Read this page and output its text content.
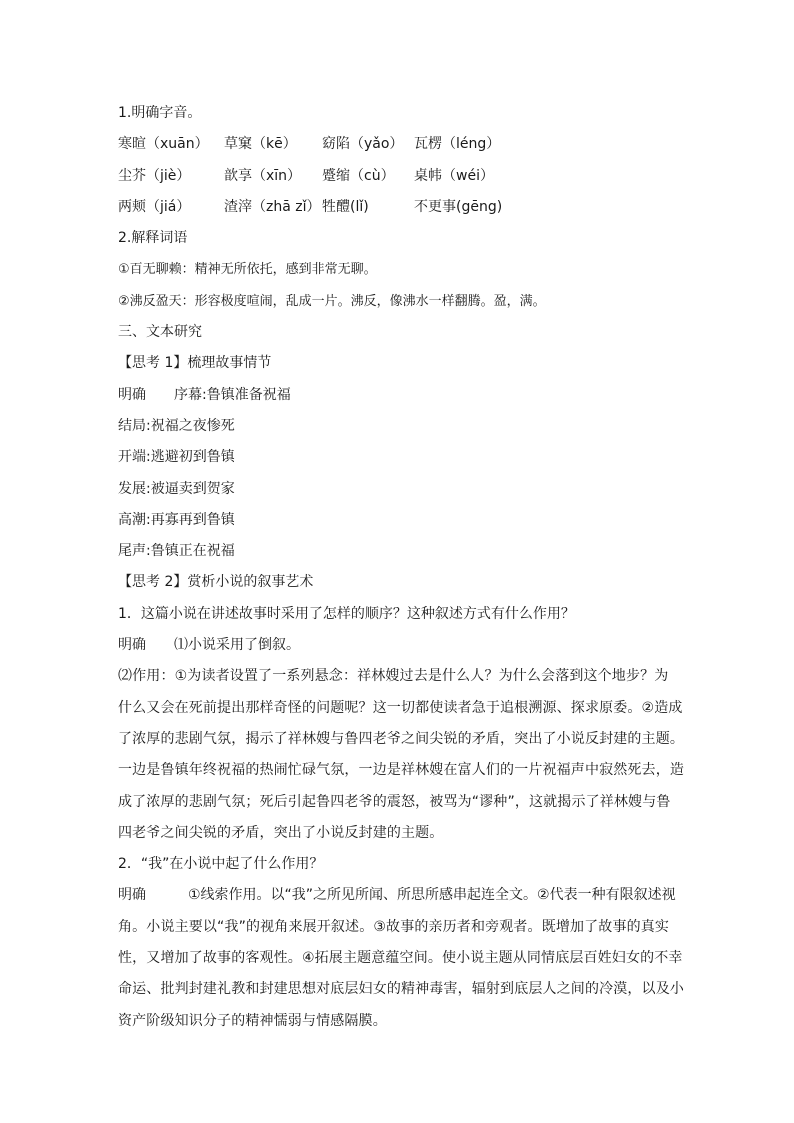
1.明确字音。
寒暄（xuān）	草窠（kē）	窈陷（yǎo） 瓦楞（léng）
尘芥（jiè）	歆享（xīn）	蹙缩（cù）	桌帏（wéi）
两颊（jiá）	渣滓（zhā zǐ） 牲醴(lǐ)	不更事(gēng)
2.解释词语
①百无聊赖：精神无所依托，感到非常无聊。
②沸反盈天：形容极度喧闹，乱成一片。沸反，像沸水一样翻腾。盈，满。
三、文本研究
【思考 1】梳理故事情节
明确 序幕:鲁镇准备祝福
结局:祝福之夜惨死
开端:逃避初到鲁镇
发展:被逼卖到贺家
高潮:再寡再到鲁镇
尾声:鲁镇正在祝福
【思考 2】赏析小说的叙事艺术
1．这篇小说在讲述故事时采用了怎样的顺序？这种叙述方式有什么作用？
明确 ⑴小说采用了倒叙。
⑵作用：①为读者设置了一系列悬念：祥林嫂过去是什么人？为什么会落到这个地步？为
什么又会在死前提出那样奇怪的问题呢？这一切都使读者急于追根溯源、探求原委。②造成
了浓厚的悲剧气氛，揭示了祥林嫂与鲁四老爷之间尖锐的矛盾，突出了小说反封建的主题。
一边是鲁镇年终祝福的热闹忙碌气氛，一边是祥林嫂在富人们的一片祝福声中寂然死去，造
成了浓厚的悲剧气氛；死后引起鲁四老爷的震怒，被骂为“谬种”，这就揭示了祥林嫂与鲁
四老爷之间尖锐的矛盾，突出了小说反封建的主题。
2．“我”在小说中起了什么作用？
明确	①线索作用。以“我”之所见所闻、所思所感串起连全文。②代表一种有限叙述视
角。小说主要以“我”的视角来展开叙述。③故事的亲历者和旁观者。既增加了故事的真实
性，又增加了故事的客观性。④拓展主题意蕴空间。使小说主题从同情底层百姓妇女的不幸
命运、批判封建礼教和封建思想对底层妇女的精神毒害，辐射到底层人之间的冷漠，以及小
资产阶级知识分子的精神懦弱与情感隔膜。
